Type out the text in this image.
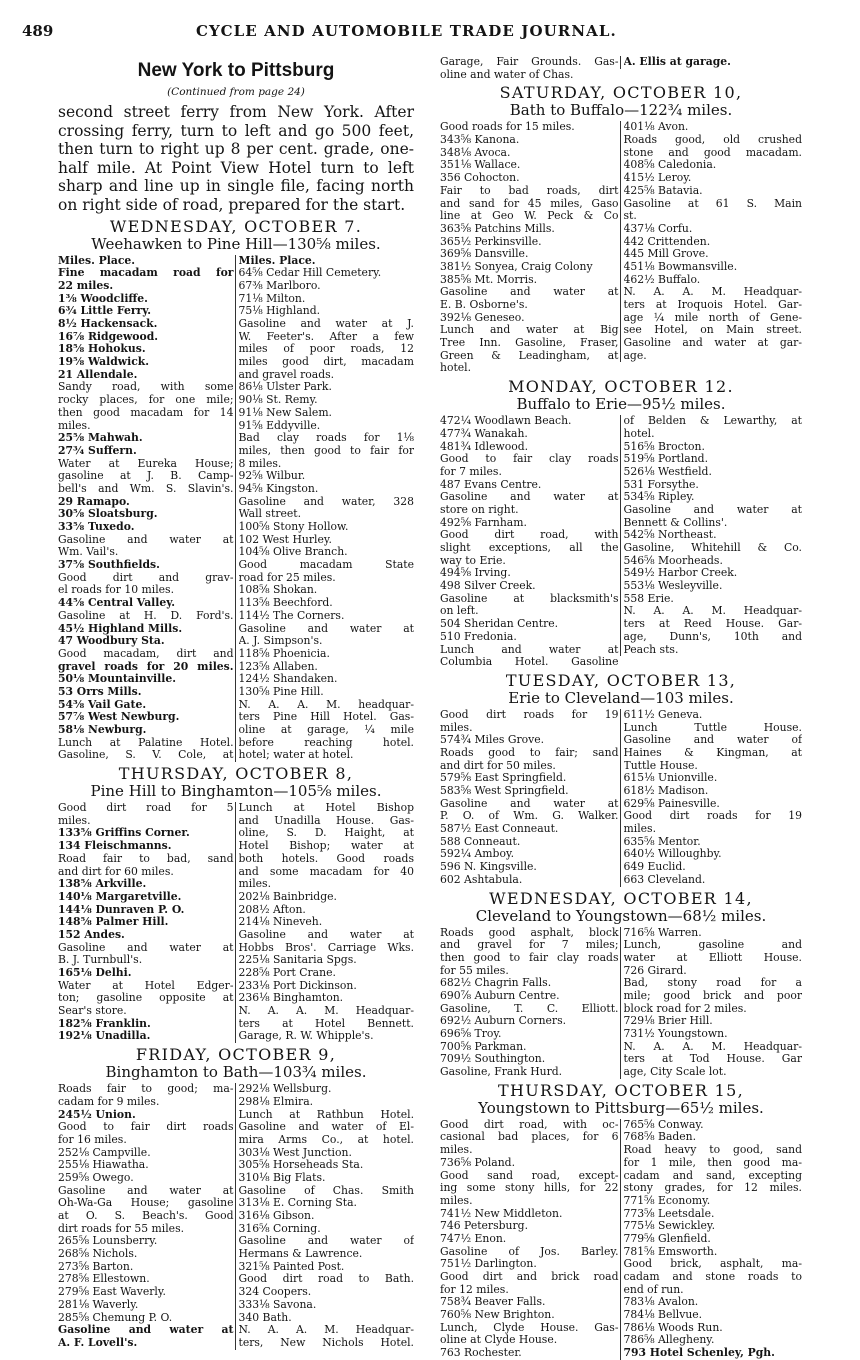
489	CYCLE AND AUTOMOBILE TRADE JOURNAL.
New York to Pittsburg
(Continued from page 24)
second street ferry from New York. After
crossing ferry, turn to left and go 500 feet,
then turn to right up 8 per cent. grade, one-
half mile. At Point View Hotel turn to left
sharp and line up in single file, facing north
on right side of road, prepared for the start.
WEDNESDAY, OCTOBER 7.
Weehawken to Pine Hill—130⅝ miles.
Miles. Place.
Fine macadam road for
22 miles.
1⅜ Woodcliffe.
6¾ Little Ferry.
8½ Hackensack.
16⅞ Ridgewood.
18⅝ Hohokus.
19⅝ Waldwick.
21 Allendale.
Sandy road, with some
rocky places, for one mile;
then good macadam for 14
miles.
25⅝ Mahwah.
27¾ Suffern.
Water at Eureka House;
gasoline at J. B. Camp-
bell's and Wm. S. Slavin's.
29 Ramapo.
30⅝ Sloatsburg.
33⅝ Tuxedo.
Gasoline and water at
Wm. Vail's.
37⅝ Southfields.
Good dirt and grav-
el roads for 10 miles.
44⅝ Central Valley.
Gasoline at H. D. Ford's.
45½ Highland Mills.
47 Woodbury Sta.
Good macadam, dirt and
gravel roads for 20 miles.
50⅛ Mountainville.
53 Orrs Mills.
54⅜ Vail Gate.
57⅞ West Newburg.
58⅛ Newburg.
Lunch at Palatine Hotel.
Gasoline, S. V. Cole, at
Miles. Place.
64⅝ Cedar Hill Cemetery.
67⅜ Marlboro.
71⅛ Milton.
75⅛ Highland.
Gasoline and water at J.
W. Feeter's. After a few
miles of poor roads, 12
miles good dirt, macadam
and gravel roads.
86⅛ Ulster Park.
90⅛ St. Remy.
91⅛ New Salem.
91⅝ Eddyville.
Bad clay roads for 1⅛
miles, then good to fair for
8 miles.
92⅝ Wilbur.
94⅝ Kingston.
Gasoline and water, 328
Wall street.
100⅝ Stony Hollow.
102 West Hurley.
104⅝ Olive Branch.
Good macadam State
road for 25 miles.
108⅝ Shokan.
113⅝ Beechford.
114½ The Corners.
Gasoline and water at
A. J. Simpson's.
118⅝ Phoenicia.
123⅝ Allaben.
124½ Shandaken.
130⅝ Pine Hill.
N. A. A. M. headquar-
ters Pine Hill Hotel. Gas-
oline at garage, ¼ mile
before reaching hotel.
hotel; water at hotel.
THURSDAY, OCTOBER 8,
Pine Hill to Binghamton—105⅝ miles.
Good dirt road for 5
miles.
133⅝ Griffins Corner.
134 Fleischmanns.
Road fair to bad, sand
and dirt for 60 miles.
138⅝ Arkville.
140⅛ Margaretville.
144⅛ Dunraven P. O.
148⅝ Palmer Hill.
152 Andes.
Gasoline and water at
B. J. Turnbull's.
165⅛ Delhi.
Water at Hotel Edger-
ton; gasoline opposite at
Sear's store.
182⅝ Franklin.
192⅛ Unadilla.
Lunch at Hotel Bishop
and Unadilla House. Gas-
oline, S. D. Haight, at
Hotel Bishop; water at
both hotels. Good roads
and some macadam for 40
miles.
202⅛ Bainbridge.
208½ Afton.
214⅛ Nineveh.
Gasoline and water at
Hobbs Bros'. Carriage Wks.
225⅛ Sanitaria Spgs.
228⅝ Port Crane.
233⅛ Port Dickinson.
236⅛ Binghamton.
N. A. A. M. Headquar-
ters at Hotel Bennett.
Garage, R. W. Whipple's.
FRIDAY, OCTOBER 9,
Binghamton to Bath—103¾ miles.
Roads fair to good; ma-
cadam for 9 miles.
245½ Union.
Good to fair dirt roads
for 16 miles.
252⅛ Campville.
255⅛ Hiawatha.
259⅝ Owego.
Gasoline and water at
Oh-Wa-Ga House; gasoline
at O. S. Beach's. Good
dirt roads for 55 miles.
265⅝ Lounsberry.
268⅝ Nichols.
273⅝ Barton.
278⅝ Ellestown.
279⅝ East Waverly.
281⅛ Waverly.
285⅝ Chemung P. O.
Gasoline and water at
A. F. Lovell's.
292⅛ Wellsburg.
298⅛ Elmira.
Lunch at Rathbun Hotel.
Gasoline and water of El-
mira Arms Co., at hotel.
303⅛ West Junction.
305⅝ Horseheads Sta.
310⅛ Big Flats.
Gasoline of Chas. Smith
313⅛ E. Corning Sta.
316⅛ Gibson.
316⅝ Corning.
Gasoline and water of
Hermans & Lawrence.
321⅝ Painted Post.
Good dirt road to Bath.
324 Coopers.
333⅛ Savona.
340 Bath.
N. A. A. M. Headquar-
ters, New Nichols Hotel.
Garage, Fair Grounds. Gas-
oline and water of Chas.
A. Ellis at garage.
SATURDAY, OCTOBER 10,
Bath to Buffalo—122¾ miles.
Good roads for 15 miles.
343⅝ Kanona.
348⅛ Avoca.
351⅛ Wallace.
356 Cohocton.
Fair to bad roads, dirt
and sand for 45 miles, Gaso
line at Geo W. Peck & Co
363⅝ Patchins Mills.
365½ Perkinsville.
369⅝ Dansville.
381½ Sonyea, Craig Colony
385⅝ Mt. Morris.
Gasoline and water at
E. B. Osborne's.
392⅛ Geneseo.
Lunch and water at Big
Tree Inn. Gasoline, Fraser,
Green & Leadingham, at
hotel.
401⅛ Avon.
Roads good, old crushed
stone and good macadam.
408⅝ Caledonia.
415½ Leroy.
425⅝ Batavia.
Gasoline at 61 S. Main
st.
437⅛ Corfu.
442 Crittenden.
445 Mill Grove.
451⅛ Bowmansville.
462½ Buffalo.
N. A. A. M. Headquar-
ters at Iroquois Hotel. Gar-
age ¼ mile north of Gene-
see Hotel, on Main street.
Gasoline and water at gar-
age.
MONDAY, OCTOBER 12.
Buffalo to Erie—95½ miles.
472¼ Woodlawn Beach.
477¾ Wanakah.
481¾ Idlewood.
Good to fair clay roads
for 7 miles.
487 Evans Centre.
Gasoline and water at
store on right.
492⅝ Farnham.
Good dirt road, with
slight exceptions, all the
way to Erie.
494⅝ Irving.
498 Silver Creek.
Gasoline at blacksmith's
on left.
504 Sheridan Centre.
510 Fredonia.
Lunch and water at
Columbia Hotel. Gasoline
of Belden & Lewarthy, at
hotel.
516⅝ Brocton.
519⅝ Portland.
526⅛ Westfield.
531 Forsythe.
534⅝ Ripley.
Gasoline and water at
Bennett & Collins'.
542⅝ Northeast.
Gasoline, Whitehill & Co.
546⅝ Moorheads.
549½ Harbor Creek.
553⅛ Wesleyville.
558 Erie.
N. A. A. M. Headquar-
ters at Reed House. Gar-
age, Dunn's, 10th and
Peach sts.
TUESDAY, OCTOBER 13,
Erie to Cleveland—103 miles.
Good dirt roads for 19
miles.
574¾ Miles Grove.
Roads good to fair; sand
and dirt for 50 miles.
579⅝ East Springfield.
583⅝ West Springfield.
Gasoline and water at
P. O. of Wm. G. Walker.
587½ East Conneaut.
588 Conneaut.
592¼ Amboy.
596 N. Kingsville.
602 Ashtabula.
611½ Geneva.
Lunch Tuttle House.
Gasoline and water of
Haines & Kingman, at
Tuttle House.
615⅛ Unionville.
618½ Madison.
629⅝ Painesville.
Good dirt roads for 19
miles.
635⅝ Mentor.
640½ Willoughby.
649 Euclid.
663 Cleveland.
WEDNESDAY, OCTOBER 14,
Cleveland to Youngstown—68½ miles.
Roads good asphalt, block
and gravel for 7 miles;
then good to fair clay roads
for 55 miles.
682½ Chagrin Falls.
690⅞ Auburn Centre.
Gasoline, T. C. Elliott.
692½ Auburn Corners.
696⅝ Troy.
700⅝ Parkman.
709½ Southington.
Gasoline, Frank Hurd.
716⅝ Warren.
Lunch, gasoline and
water at Elliott House.
726 Girard.
Bad, stony road for a
mile; good brick and poor
block road for 2 miles.
729⅛ Brier Hill.
731½ Youngstown.
N. A. A. M. Headquar-
ters at Tod House. Gar
age, City Scale lot.
THURSDAY, OCTOBER 15,
Youngstown to Pittsburg—65½ miles.
Good dirt road, with oc-
casional bad places, for 6
miles.
736⅝ Poland.
Good sand road, except-
ing some stony hills, for 22
miles.
741½ New Middleton.
746 Petersburg.
747½ Enon.
Gasoline of Jos. Barley.
751½ Darlington.
Good dirt and brick road
for 12 miles.
758¾ Beaver Falls.
760⅝ New Brighton.
Lunch, Clyde House. Gas-
oline at Clyde House.
763 Rochester.
765⅝ Conway.
768⅝ Baden.
Road heavy to good, sand
for 1 mile, then good ma-
cadam and sand, excepting
stony grades, for 12 miles.
771⅝ Economy.
773⅝ Leetsdale.
775⅛ Sewickley.
779⅝ Glenfield.
781⅝ Emsworth.
Good brick, asphalt, ma-
cadam and stone roads to
end of run.
783⅛ Avalon.
784⅛ Bellvue.
786⅛ Woods Run.
786⅝ Allegheny.
793 Hotel Schenley, Pgh.
